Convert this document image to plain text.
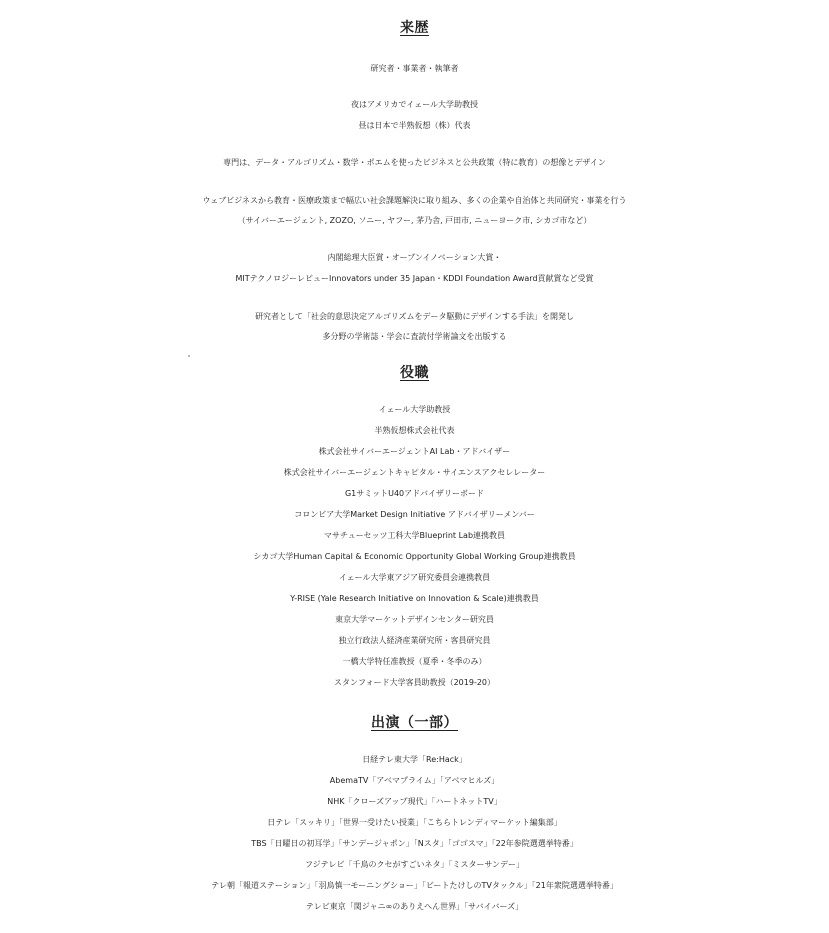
来歴
研究者・事業者・執筆者
夜はアメリカでイェール大学助教授
昼は日本で半熟仮想（株）代表
専門は、データ・アルゴリズム・数学・ポエムを使ったビジネスと公共政策（特に教育）の想像とデザイン
ウェブビジネスから教育・医療政策まで幅広い社会課題解決に取り組み、多くの企業や自治体と共同研究・事業を行う
（サイバーエージェント, ZOZO, ソニー, ヤフー, 茅乃舎, 戸田市, ニューヨーク市, シカゴ市など）
内閣総理大臣賞・オープンイノベーション大賞・
MITテクノロジーレビューInnovators under 35 Japan・KDDI Foundation Award貢献賞など受賞
研究者として「社会的意思決定アルゴリズムをデータ駆動にデザインする手法」を開発し
多分野の学術誌・学会に査読付学術論文を出版する
役職
イェール大学助教授
半熟仮想株式会社代表
株式会社サイバーエージェントAI Lab・アドバイザー
株式会社サイバーエージェントキャピタル・サイエンスアクセレレーター
G1サミットU40アドバイザリーボード
コロンビア大学Market Design Initiative アドバイザリーメンバー
マサチューセッツ工科大学Blueprint Lab連携教員
シカゴ大学Human Capital & Economic Opportunity Global Working Group連携教員
イェール大学東アジア研究委員会連携教員
Y-RISE (Yale Research Initiative on Innovation & Scale)連携教員
東京大学マーケットデザインセンター研究員
独立行政法人経済産業研究所・客員研究員
一橋大学特任准教授（夏季・冬季のみ）
スタンフォード大学客員助教授（2019-20）
出演（一部）
日経テレ東大学「Re:Hack」
AbemaTV「アベマプライム」「アベマヒルズ」
NHK「クローズアップ現代」「ハートネットTV」
日テレ「スッキリ」「世界一受けたい授業」「こちらトレンディマーケット編集部」
TBS「日曜日の初耳学」「サンデージャポン」「Nスタ」「ゴゴスマ」「22年参院選選挙特番」
フジテレビ「千鳥のクセがすごいネタ」「ミスターサンデー」
テレ朝「報道ステーション」「羽鳥慎一モーニングショー」「ビートたけしのTVタックル」「21年衆院選選挙特番」
テレビ東京「関ジャニ∞のありえへん世界」「サバイバーズ」
